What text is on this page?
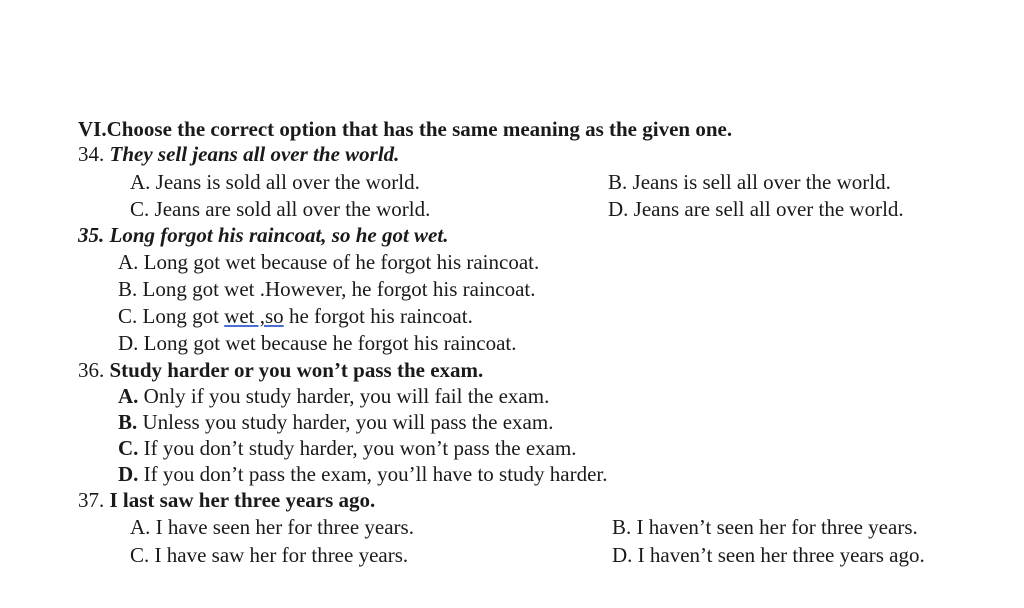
VI.Choose the correct option that has the same meaning as the given one.
34. They sell jeans all over the world.
A. Jeans is sold all over the world.	B. Jeans is sell all over the world.
C. Jeans are sold all over the world.	D. Jeans are sell all over the world.
35. Long forgot his raincoat, so he got wet.
A. Long got wet because of he forgot his raincoat.
B. Long got wet .However, he forgot his raincoat.
C. Long got wet ,so he forgot his raincoat.
D. Long got wet because he forgot his raincoat.
36. Study harder or you won’t pass the exam.
A. Only if you study harder, you will fail the exam.
B. Unless you study harder, you will pass the exam.
C. If you don’t study harder, you won’t pass the exam.
D. If you don’t pass the exam, you’ll have to study harder.
37. I last saw her three years ago.
A. I have seen her for three years.	B. I haven’t seen her for three years.
C. I have saw her for three years.	D. I haven’t seen her three years ago.
